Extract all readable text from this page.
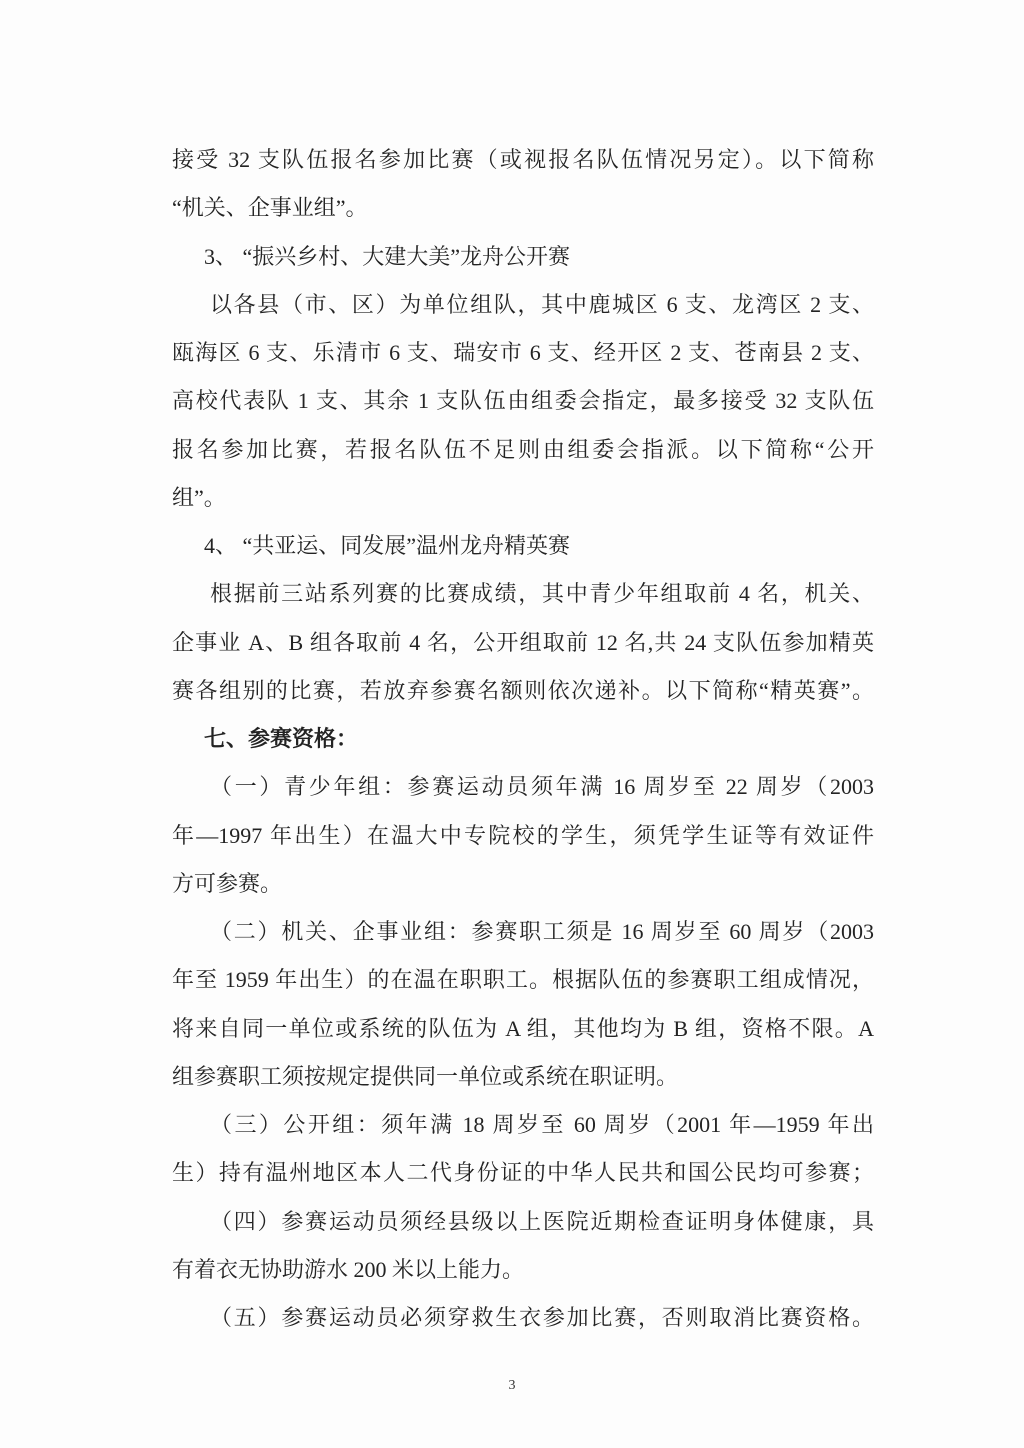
接受 32 支队伍报名参加比赛（或视报名队伍情况另定）。以下简称
“机关、企事业组”。
3、 “振兴乡村、大建大美”龙舟公开赛
以各县（市、区）为单位组队，其中鹿城区 6 支、龙湾区 2 支、
瓯海区 6 支、乐清市 6 支、瑞安市 6 支、经开区 2 支、苍南县 2 支、
高校代表队 1 支、其余 1 支队伍由组委会指定，最多接受 32 支队伍
报名参加比赛，若报名队伍不足则由组委会指派。以下简称“公开
组”。
4、 “共亚运、同发展”温州龙舟精英赛
根据前三站系列赛的比赛成绩，其中青少年组取前 4 名，机关、
企事业 A、B 组各取前 4 名，公开组取前 12 名,共 24 支队伍参加精英
赛各组别的比赛，若放弃参赛名额则依次递补。以下简称“精英赛”。
七、参赛资格：
（一）青少年组：参赛运动员须年满 16 周岁至 22 周岁（2003
年—1997 年出生）在温大中专院校的学生，须凭学生证等有效证件
方可参赛。
（二）机关、企事业组：参赛职工须是 16 周岁至 60 周岁（2003
年至 1959 年出生）的在温在职职工。根据队伍的参赛职工组成情况，
将来自同一单位或系统的队伍为 A 组，其他均为 B 组，资格不限。A
组参赛职工须按规定提供同一单位或系统在职证明。
（三）公开组：须年满 18 周岁至 60 周岁（2001 年—1959 年出
生）持有温州地区本人二代身份证的中华人民共和国公民均可参赛；
（四）参赛运动员须经县级以上医院近期检查证明身体健康，具
有着衣无协助游水 200 米以上能力。
（五）参赛运动员必须穿救生衣参加比赛，否则取消比赛资格。
3
